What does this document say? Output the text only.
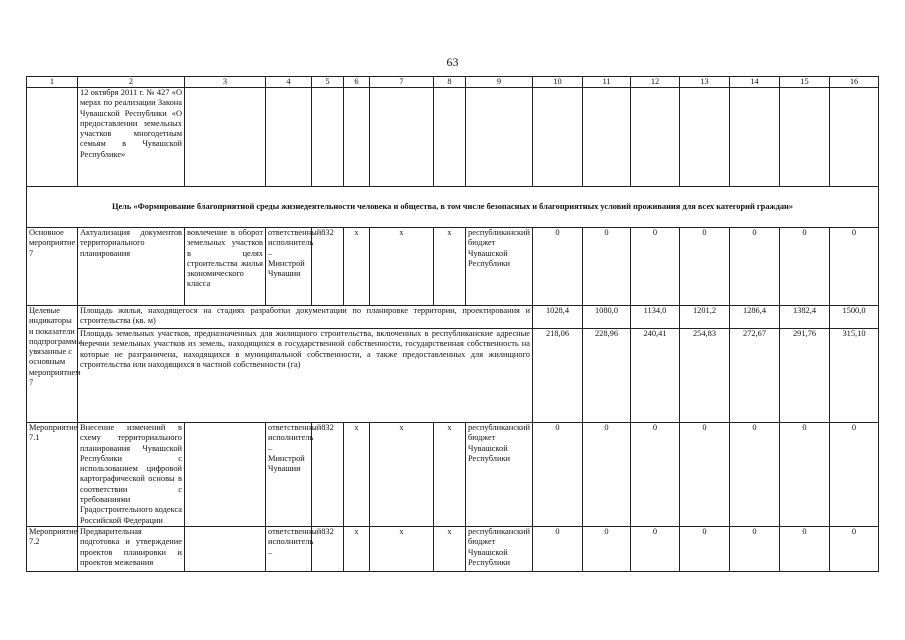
63
1	2	3	4	5	6	7	8	9	10	11	12	13	14	15	16
	12 октября 2011 г. № 427 «О мерах по реализации Закона Чувашской Республики «О предоставлении земельных участков многодетным семьям в Чувашской Республике»														
Цель «Формирование благоприятной среды жизнедеятельности человека и общества, в том числе безопасных и благоприятных условий проживания для всех категорий граждан»															
Основное мероприятие 7	Актуализация документов территориального планирования	вовлечение в оборот земельных участков в целях строительства жилья экономического класса	ответственный исполнитель – Минстрой Чувашии	832	x	x	x	республиканский бюджет Чувашской Республики	0	0	0	0	0	0	0
Целевые индикаторы и показатели подпрограммы, увязанные с основным мероприятием 7	Площадь жилья, находящегося на стадиях разработки документации по планировке территории, проектирования и строительства (кв. м)								1028,4	1080,0	1134,0	1201,2	1286,4	1382,4	1500,0
	Площадь земельных участков, предназначенных для жилищного строительства, включенных в республиканские адресные перечни земельных участков из земель, находящихся в государственной собственности, государственная собственность на которые не разграничена, находящихся в муниципальной собственности, а также предоставленных для жилищного строительства или находящихся в частной собственности (га)								218,06	228,96	240,41	254,83	272,67	291,76	315,10
Мероприятие 7.1	Внесение изменений в схему территориального планирования Чувашской Республики с использованием цифровой картографической основы в соответствии с требованиями Градостроительного кодекса Российской Федерации		ответственный исполнитель – Минстрой Чувашии	832	x	x	x	республиканский бюджет Чувашской Республики	0	0	0	0	0	0	0
Мероприятие 7.2	Предварительная подготовка и утверждение проектов планировки и проектов межевания		ответственный исполнитель –	832	x	x	x	республиканский бюджет Чувашской Республики	0	0	0	0	0	0	0
